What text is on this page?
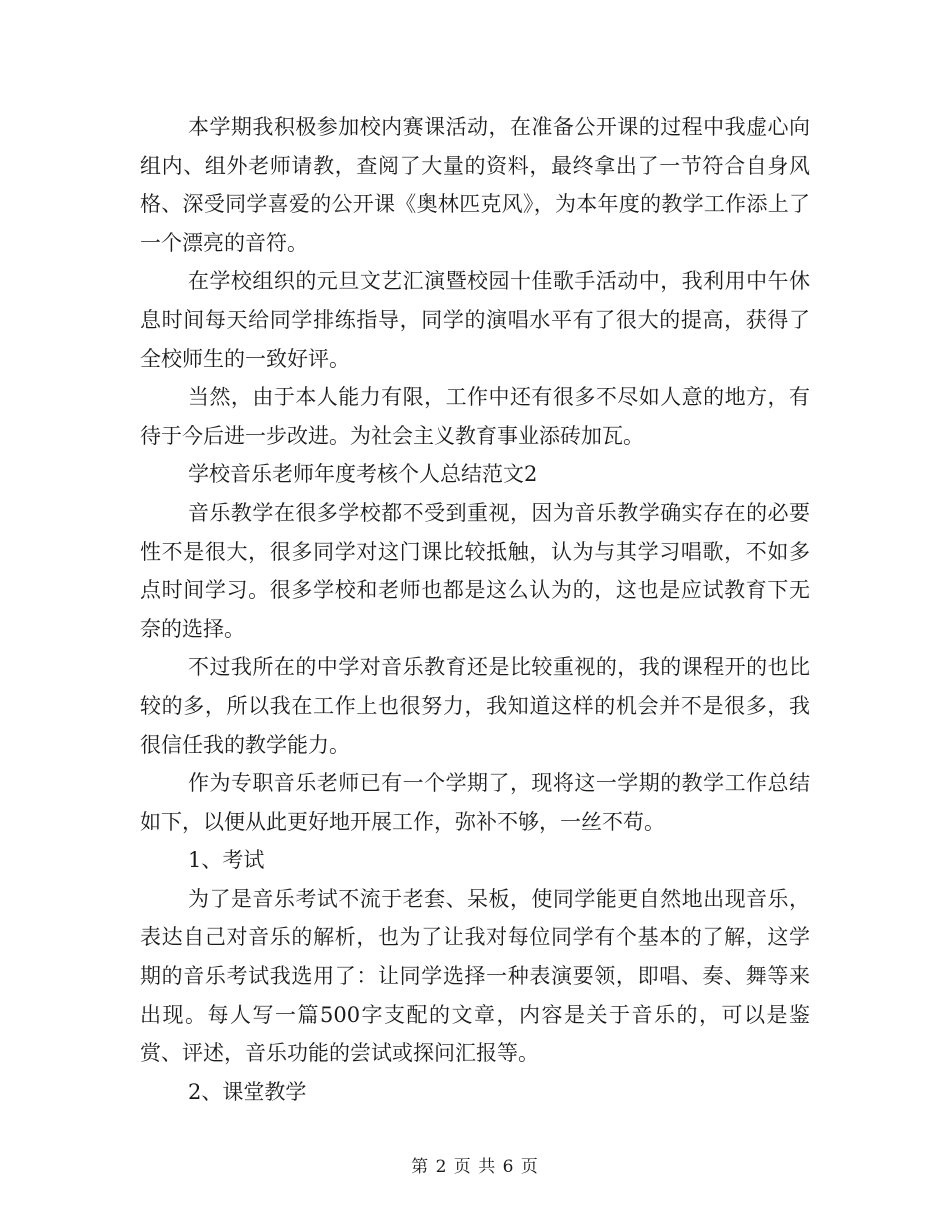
本学期我积极参加校内赛课活动，在准备公开课的过程中我虚心向组内、组外老师请教，查阅了大量的资料，最终拿出了一节符合自身风格、深受同学喜爱的公开课《奥林匹克风》，为本年度的教学工作添上了一个漂亮的音符。

在学校组织的元旦文艺汇演暨校园十佳歌手活动中，我利用中午休息时间每天给同学排练指导，同学的演唱水平有了很大的提高，获得了全校师生的一致好评。

当然，由于本人能力有限，工作中还有很多不尽如人意的地方，有待于今后进一步改进。为社会主义教育事业添砖加瓦。

学校音乐老师年度考核个人总结范文2

音乐教学在很多学校都不受到重视，因为音乐教学确实存在的必要性不是很大，很多同学对这门课比较抵触，认为与其学习唱歌，不如多点时间学习。很多学校和老师也都是这么认为的，这也是应试教育下无奈的选择。

不过我所在的中学对音乐教育还是比较重视的，我的课程开的也比较的多，所以我在工作上也很努力，我知道这样的机会并不是很多，我很信任我的教学能力。

作为专职音乐老师已有一个学期了，现将这一学期的教学工作总结如下，以便从此更好地开展工作，弥补不够，一丝不苟。

1、考试

为了是音乐考试不流于老套、呆板，使同学能更自然地出现音乐，表达自己对音乐的解析，也为了让我对每位同学有个基本的了解，这学期的音乐考试我选用了：让同学选择一种表演要领，即唱、奏、舞等来出现。每人写一篇500字支配的文章，内容是关于音乐的，可以是鉴赏、评述，音乐功能的尝试或探问汇报等。

2、课堂教学

第 2 页 共 6 页
